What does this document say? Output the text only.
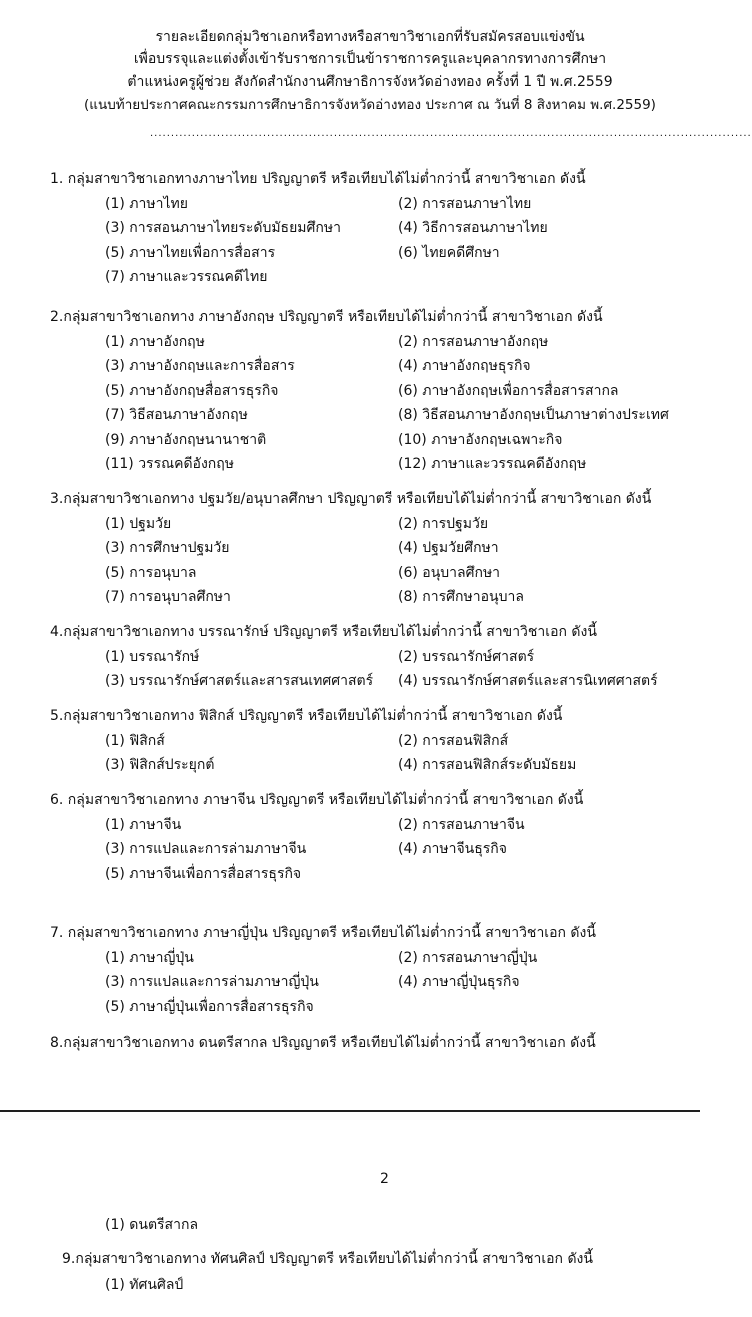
รายละเอียดกลุ่มวิชาเอกหรือทางหรือสาขาวิชาเอกที่รับสมัครสอบแข่งขัน
เพื่อบรรจุและแต่งตั้งเข้ารับราชการเป็นข้าราชการครูและบุคลากรทางการศึกษา
ตำแหน่งครูผู้ช่วย สังกัดสำนักงานศึกษาธิการจังหวัดอ่างทอง ครั้งที่ 1 ปี พ.ศ.2559
(แนบท้ายประกาศคณะกรรมการศึกษาธิการจังหวัดอ่างทอง ประกาศ ณ วันที่ 8 สิงหาคม พ.ศ.2559)
................................................................................................................................................
1. กลุ่มสาขาวิชาเอกทางภาษาไทย ปริญญาตรี หรือเทียบได้ไม่ต่ำกว่านี้ สาขาวิชาเอก ดังนี้
(1) ภาษาไทย	(2) การสอนภาษาไทย
(3) การสอนภาษาไทยระดับมัธยมศึกษา	(4) วิธีการสอนภาษาไทย
(5) ภาษาไทยเพื่อการสื่อสาร	(6) ไทยคดีศึกษา
(7) ภาษาและวรรณคดีไทย
2.กลุ่มสาขาวิชาเอกทาง ภาษาอังกฤษ ปริญญาตรี หรือเทียบได้ไม่ต่ำกว่านี้ สาขาวิชาเอก ดังนี้
(1) ภาษาอังกฤษ	(2) การสอนภาษาอังกฤษ
(3) ภาษาอังกฤษและการสื่อสาร	(4) ภาษาอังกฤษธุรกิจ
(5) ภาษาอังกฤษสื่อสารธุรกิจ	(6) ภาษาอังกฤษเพื่อการสื่อสารสากล
(7) วิธีสอนภาษาอังกฤษ	(8) วิธีสอนภาษาอังกฤษเป็นภาษาต่างประเทศ
(9) ภาษาอังกฤษนานาชาติ	(10) ภาษาอังกฤษเฉพาะกิจ
(11) วรรณคดีอังกฤษ	(12) ภาษาและวรรณคดีอังกฤษ
3.กลุ่มสาขาวิชาเอกทาง ปฐมวัย/อนุบาลศึกษา ปริญญาตรี หรือเทียบได้ไม่ต่ำกว่านี้ สาขาวิชาเอก ดังนี้
(1) ปฐมวัย	(2) การปฐมวัย
(3) การศึกษาปฐมวัย	(4) ปฐมวัยศึกษา
(5) การอนุบาล	(6) อนุบาลศึกษา
(7) การอนุบาลศึกษา	(8) การศึกษาอนุบาล
4.กลุ่มสาขาวิชาเอกทาง บรรณารักษ์ ปริญญาตรี หรือเทียบได้ไม่ต่ำกว่านี้ สาขาวิชาเอก ดังนี้
(1) บรรณารักษ์	(2) บรรณารักษ์ศาสตร์
(3) บรรณารักษ์ศาสตร์และสารสนเทศศาสตร์ (4) บรรณารักษ์ศาสตร์และสารนิเทศศาสตร์
5.กลุ่มสาขาวิชาเอกทาง ฟิสิกส์ ปริญญาตรี หรือเทียบได้ไม่ต่ำกว่านี้ สาขาวิชาเอก ดังนี้
(1) ฟิสิกส์	(2) การสอนฟิสิกส์
(3) ฟิสิกส์ประยุกต์	(4) การสอนฟิสิกส์ระดับมัธยม
6. กลุ่มสาขาวิชาเอกทาง ภาษาจีน ปริญญาตรี หรือเทียบได้ไม่ต่ำกว่านี้ สาขาวิชาเอก ดังนี้
(1) ภาษาจีน	(2) การสอนภาษาจีน
(3) การแปลและการล่ามภาษาจีน	(4) ภาษาจีนธุรกิจ
(5) ภาษาจีนเพื่อการสื่อสารธุรกิจ
7. กลุ่มสาขาวิชาเอกทาง ภาษาญี่ปุ่น ปริญญาตรี หรือเทียบได้ไม่ต่ำกว่านี้ สาขาวิชาเอก ดังนี้
(1) ภาษาญี่ปุ่น	(2) การสอนภาษาญี่ปุ่น
(3) การแปลและการล่ามภาษาญี่ปุ่น	(4) ภาษาญี่ปุ่นธุรกิจ
(5) ภาษาญี่ปุ่นเพื่อการสื่อสารธุรกิจ
8.กลุ่มสาขาวิชาเอกทาง ดนตรีสากล ปริญญาตรี หรือเทียบได้ไม่ต่ำกว่านี้ สาขาวิชาเอก ดังนี้
2
(1) ดนตรีสากล
9.กลุ่มสาขาวิชาเอกทาง ทัศนศิลป์ ปริญญาตรี หรือเทียบได้ไม่ต่ำกว่านี้ สาขาวิชาเอก ดังนี้
(1) ทัศนศิลป์
